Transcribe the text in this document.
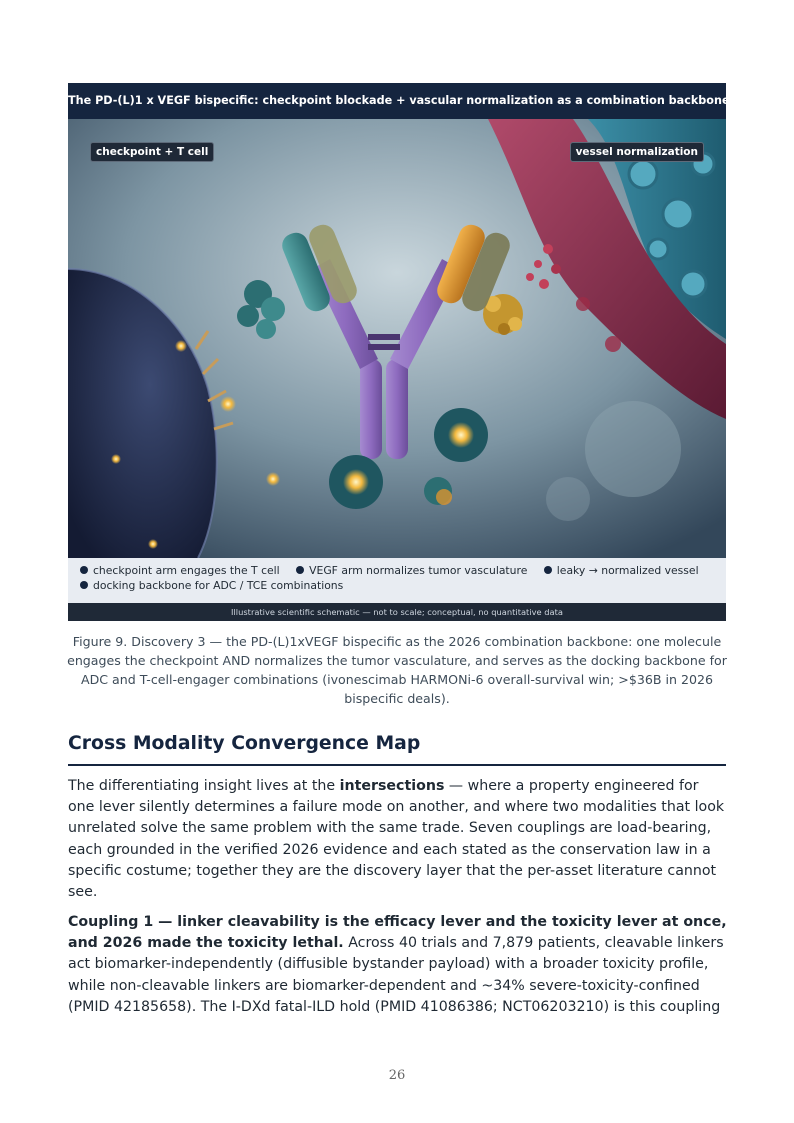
The PD-(L)1 x VEGF bispecific: checkpoint blockade + vascular normalization as a combination backbone
checkpoint + T cell	vessel normalization
checkpoint arm engages the T cell	VEGF arm normalizes tumor vasculature	leaky → normalized vessel
docking backbone for ADC / TCE combinations
Illustrative scientific schematic — not to scale; conceptual, no quantitative data
Figure 9. Discovery 3 — the PD-(L)1xVEGF bispecific as the 2026 combination backbone: one molecule engages the checkpoint AND normalizes the tumor vasculature, and serves as the docking backbone for ADC and T-cell-engager combinations (ivonescimab HARMONi-6 overall-survival win; >$36B in 2026 bispecific deals).
Cross Modality Convergence Map

The differentiating insight lives at the intersections — where a property engineered for one lever silently determines a failure mode on another, and where two modalities that look unrelated solve the same problem with the same trade. Seven couplings are load-bearing, each grounded in the verified 2026 evidence and each stated as the conservation law in a specific costume; together they are the discovery layer that the per-asset literature cannot see.

Coupling 1 — linker cleavability is the efficacy lever and the toxicity lever at once, and 2026 made the toxicity lethal. Across 40 trials and 7,879 patients, cleavable linkers act biomarker-independently (diffusible bystander payload) with a broader toxicity profile, while non-cleavable linkers are biomarker-dependent and ~34% severe-toxicity-confined (PMID 42185658). The I-DXd fatal-ILD hold (PMID 41086386; NCT06203210) is this coupling

26
